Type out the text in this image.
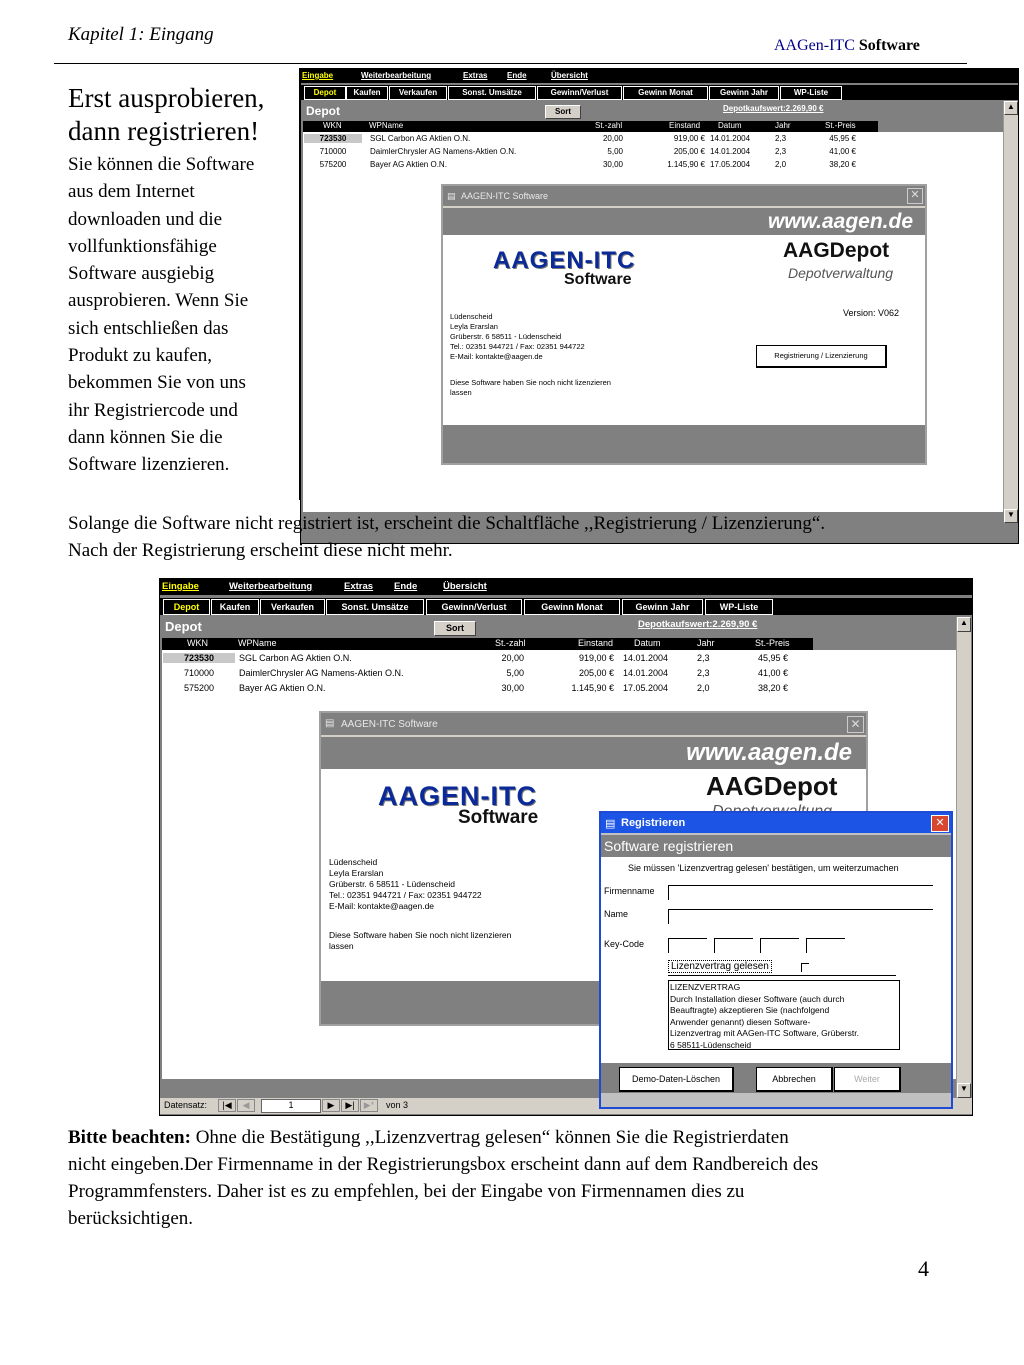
Kapitel 1: Eingang
AAGen-ITC Software
Erst ausprobieren,
dann registrieren!
Sie können die Software
aus dem Internet
downloaden und die
vollfunktionsfähige
Software ausgiebig
ausprobieren. Wenn Sie
sich entschließen das
Produkt zu kaufen,
bekommen Sie von uns
ihr Registriercode und
dann können Sie die
Software lizenzieren.
Eingabe	Weiterbearbeitung	Extras Ende	Übersicht
Depot	Kaufen	Verkaufen	Sonst. Umsätze	Gewinn/Verlust	Gewinn Monat	Gewinn Jahr	WP-Liste
Depot	Sort	Depotkaufswert:2.269,90 €
WKN	WPName	St.-zahl	Einstand Datum	Jahr	St.-Preis
723530	SGL Carbon AG Aktien O.N.	20,00	919,00 € 14.01.2004	2,3	45,95 €
710000	DaimlerChrysler AG Namens-Aktien O.N.	5,00	205,00 € 14.01.2004	2,3	41,00 €
575200	Bayer AG Aktien O.N.	30,00	1.145,90 € 17.05.2004	2,0	38,20 €
▲
▼
▤ AAGEN-ITC Software	✕
www.aagen.de
AAGEN-ITC
Software
AAGDepot
Depotverwaltung
Version: V062
Lüdenscheid
Leyla Erarslan
Grüberstr. 6 58511 - Lüdenscheid
Tel.: 02351 944721 / Fax: 02351 944722
E-Mail: kontakte@aagen.de
Diese Software haben Sie noch nicht lizenzieren
lassen
Registrierung / Lizenzierung
Solange die Software nicht registriert ist, erscheint die Schaltfläche ,,Registrierung / Lizenzierung“.
Nach der Registrierung erscheint diese nicht mehr.
Eingabe	Weiterbearbeitung	Extras Ende	Übersicht
Depot	Kaufen	Verkaufen	Sonst. Umsätze	Gewinn/Verlust	Gewinn Monat	Gewinn Jahr	WP-Liste
Depot	Sort	Depotkaufswert:2.269,90 €
WKN	WPName	St.-zahl	Einstand Datum	Jahr	St.-Preis
723530	SGL Carbon AG Aktien O.N.	20,00	919,00 € 14.01.2004	2,3	45,95 €
710000	DaimlerChrysler AG Namens-Aktien O.N.	5,00	205,00 € 14.01.2004	2,3	41,00 €
575200	Bayer AG Aktien O.N.	30,00	1.145,90 € 17.05.2004	2,0	38,20 €
▲
▼
Datensatz:	|◀	◀	1	▶	▶|	▶*	von 3
▤ AAGEN-ITC Software	✕
www.aagen.de
AAGEN-ITC
Software
AAGDepot
Lüdenscheid
Leyla Erarslan
Grüberstr. 6 58511 - Lüdenscheid
Tel.: 02351 944721 / Fax: 02351 944722
E-Mail: kontakte@aagen.de
Diese Software haben Sie noch nicht lizenzieren
lassen
▤ Registrieren	✕
Software registrieren
Sie müssen 'Lizenzvertrag gelesen' bestätigen, um weiterzumachen
Firmenname
Name
Key-Code
Lizenzvertrag gelesen
LIZENZVERTRAG
Durch Installation dieser Software (auch durch
Beauftragte) akzeptieren Sie (nachfolgend
Anwender genannt) diesen Software-
Lizenzvertrag mit AAGen-ITC Software, Grüberstr.
6 58511-Lüdenscheid
Demo-Daten-Löschen	Abbrechen	Weiter
Bitte beachten: Ohne die Bestätigung ,,Lizenzvertrag gelesen“ können Sie die Registrierdaten
nicht eingeben.Der Firmenname in der Registrierungsbox erscheint dann auf dem Randbereich des
Programmfensters. Daher ist es zu empfehlen, bei der Eingabe von Firmennamen dies zu
berücksichtigen.
4
